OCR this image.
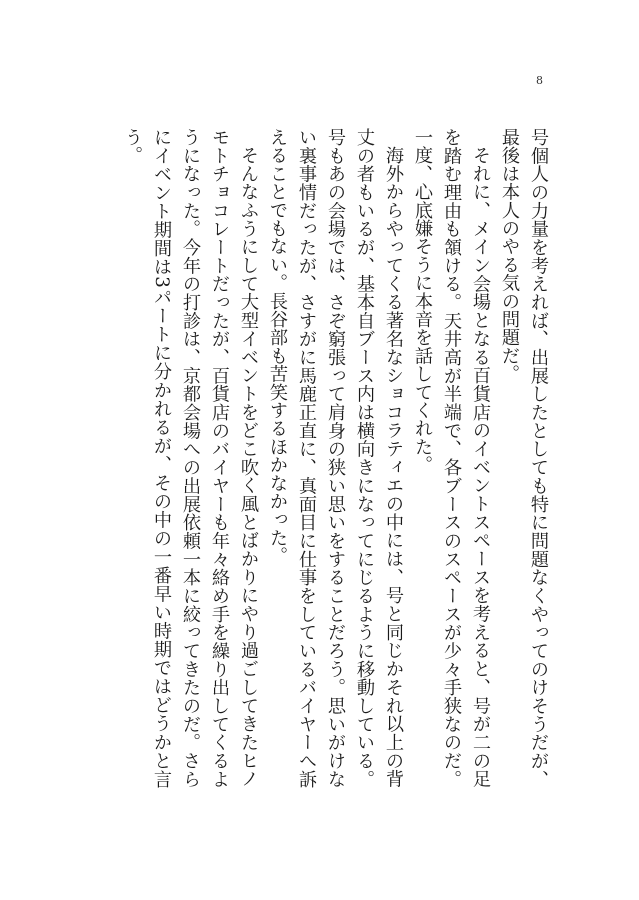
8

号個人の力量を考えれば、出展したとしても特に問題なくやってのけそうだが、最後は本人のやる気の問題だ。

それに、メイン会場となる百貨店のイベントスペースを考えると、号が二の足を踏む理由も頷ける。天井高が半端で、各ブースのスペースが少々手狭なのだ。一度、心底嫌そうに本音を話してくれた。

海外からやってくる著名なショコラティエの中には、号と同じかそれ以上の背丈の者もいるが、基本自ブース内は横向きになってにじるように移動している。号もあの会場では、さぞ窮張って肩身の狭い思いをすることだろう。思いがけない裏事情だったが、さすがに馬鹿正直に、真面目に仕事をしているバイヤーへ訴えることでもない。長谷部も苦笑するほかなかった。

そんなふうにして大型イベントをどこ吹く風とばかりにやり過ごしてきたヒノモトチョコレートだったが、百貨店のバイヤーも年々絡め手を繰り出してくるようになった。今年の打診は、京都会場への出展依頼一本に絞ってきたのだ。さらにイベント期間は3パートに分かれるが、その中の一番早い時期ではどうかと言う。
